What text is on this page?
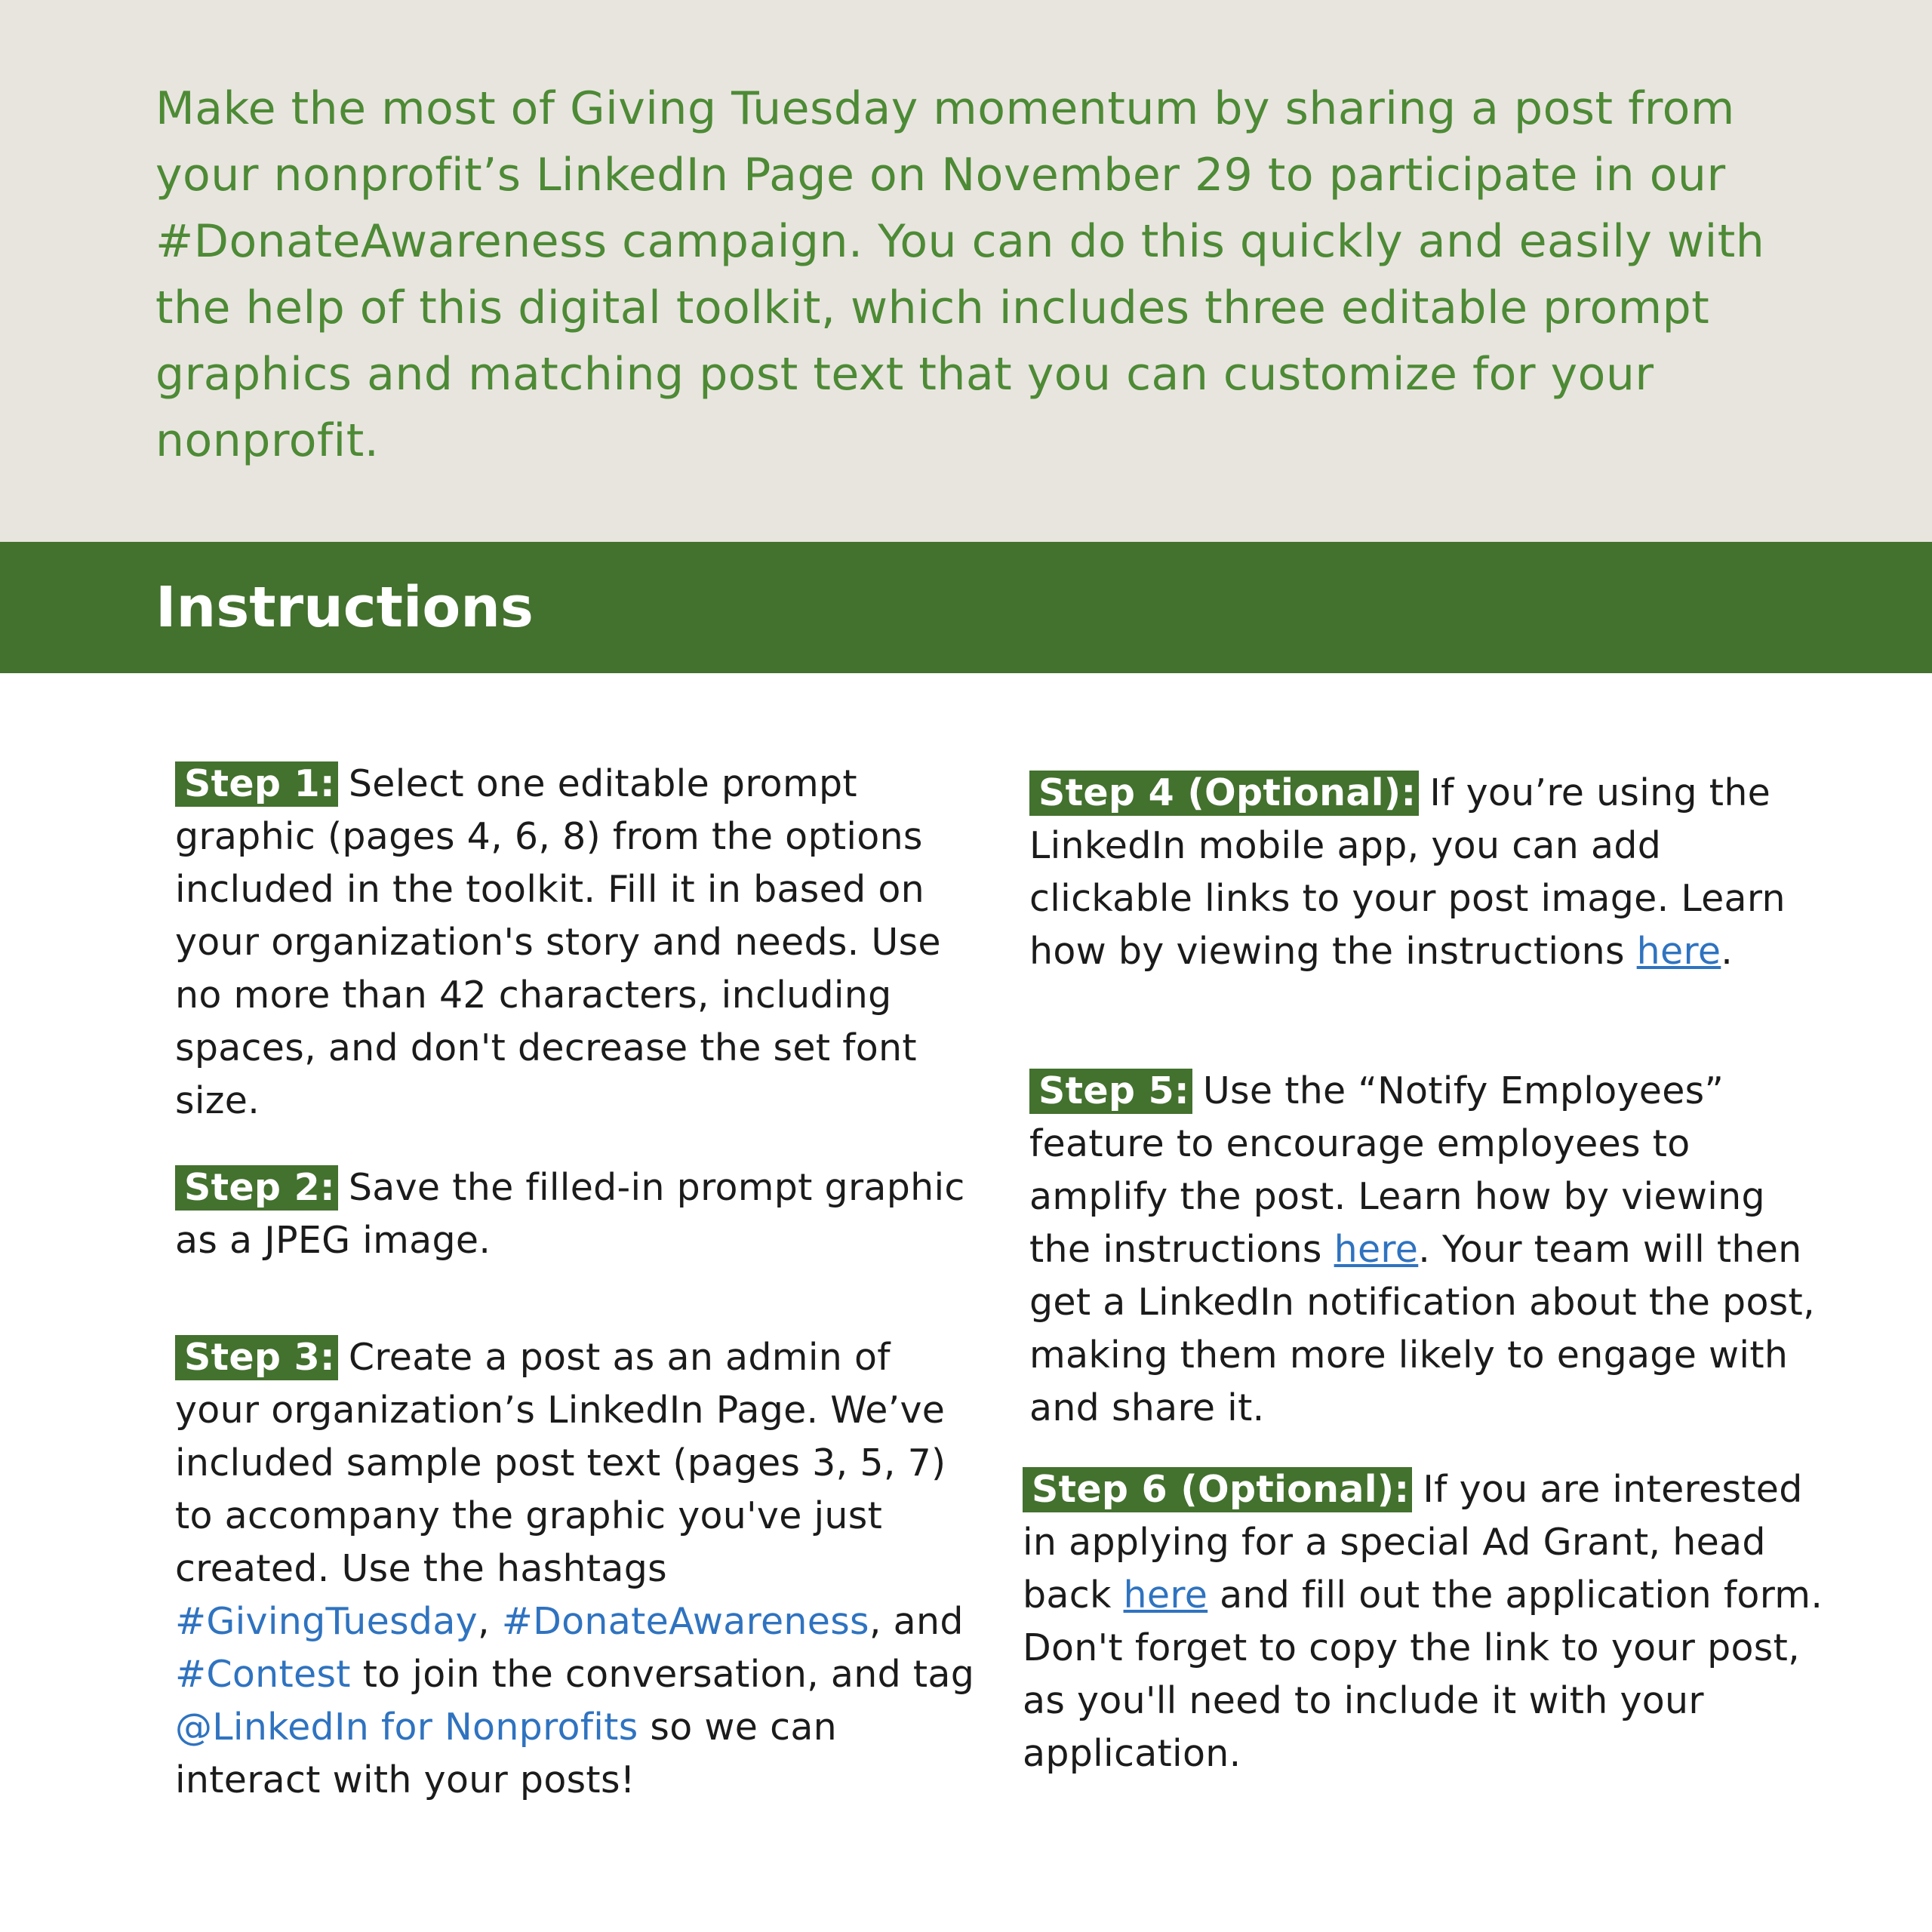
Make the most of Giving Tuesday momentum by sharing a post from your nonprofit’s LinkedIn Page on November 29 to participate in our #DonateAwareness campaign. You can do this quickly and easily with the help of this digital toolkit, which includes three editable prompt graphics and matching post text that you can customize for your nonprofit.

Instructions

Step 1: Select one editable prompt graphic (pages 4, 6, 8) from the options included in the toolkit. Fill it in based on your organization's story and needs. Use no more than 42 characters, including spaces, and don't decrease the set font size.

Step 2: Save the filled-in prompt graphic as a JPEG image.

Step 3: Create a post as an admin of your organization’s LinkedIn Page. We’ve included sample post text (pages 3, 5, 7) to accompany the graphic you've just created. Use the hashtags #GivingTuesday, #DonateAwareness, and #Contest to join the conversation, and tag @LinkedIn for Nonprofits so we can interact with your posts!

Step 4 (Optional): If you’re using the LinkedIn mobile app, you can add clickable links to your post image. Learn how by viewing the instructions here.

Step 5: Use the “Notify Employees” feature to encourage employees to amplify the post. Learn how by viewing the instructions here. Your team will then get a LinkedIn notification about the post, making them more likely to engage with and share it.

Step 6 (Optional): If you are interested in applying for a special Ad Grant, head back here and fill out the application form. Don't forget to copy the link to your post, as you'll need to include it with your application.
